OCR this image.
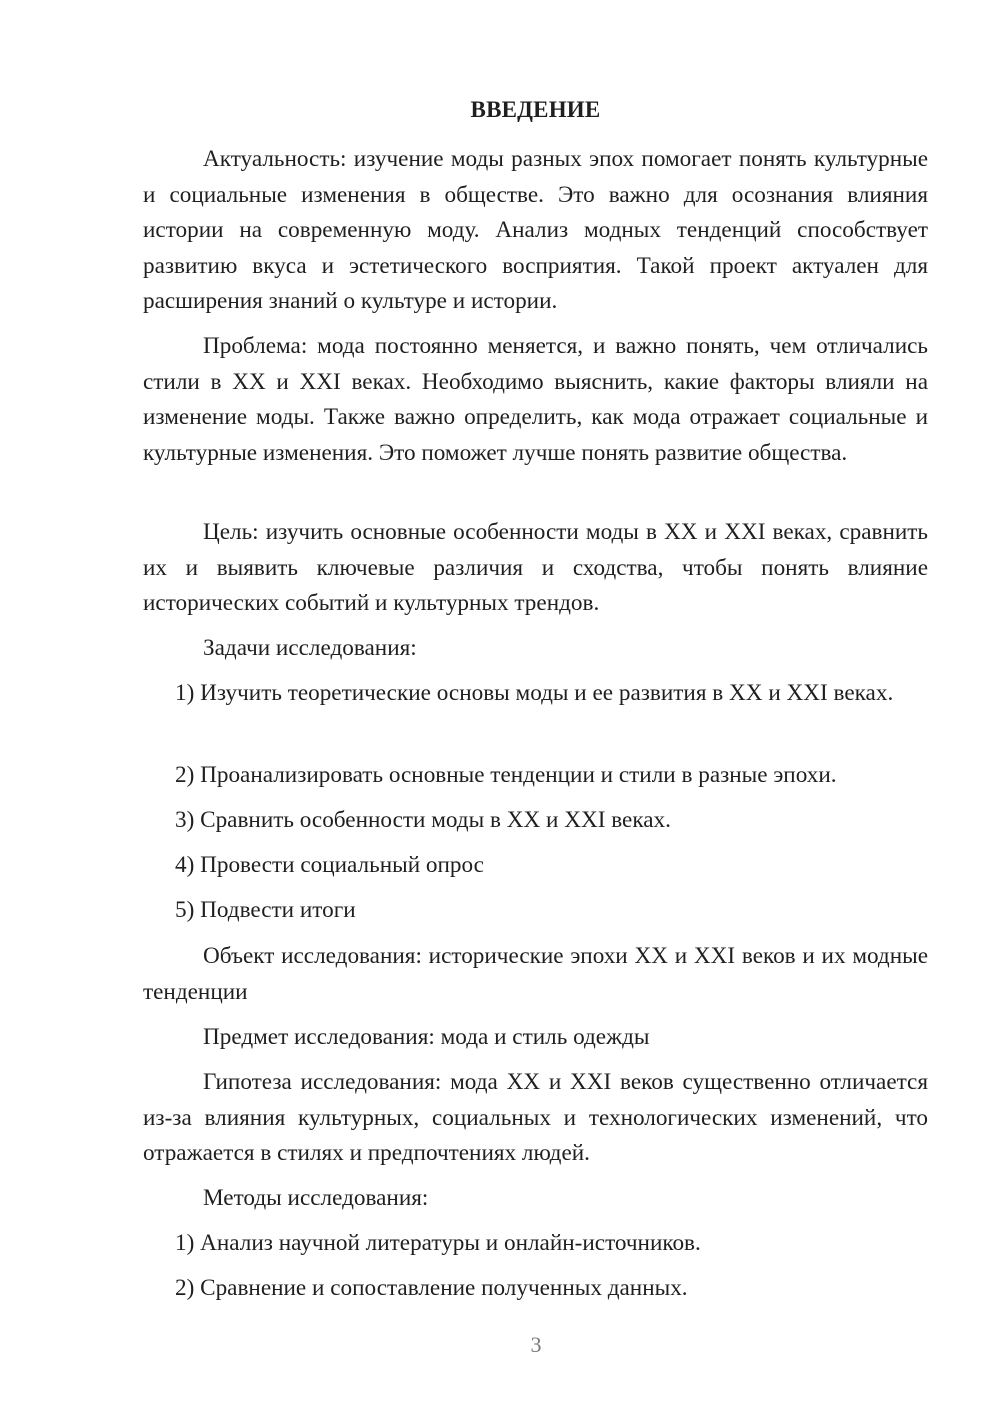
ВВЕДЕНИЕ

Актуальность: изучение моды разных эпох помогает понять культурные и социальные изменения в обществе. Это важно для осознания влияния истории на современную моду. Анализ модных тенденций способствует развитию вкуса и эстетического восприятия. Такой проект актуален для расширения знаний о культуре и истории.

Проблема: мода постоянно меняется, и важно понять, чем отличались стили в XX и XXI веках. Необходимо выяснить, какие факторы влияли на изменение моды. Также важно определить, как мода отражает социальные и культурные изменения. Это поможет лучше понять развитие общества.

Цель: изучить основные особенности моды в XX и XXI веках, сравнить их и выявить ключевые различия и сходства, чтобы понять влияние исторических событий и культурных трендов.

Задачи исследования:

1) Изучить теоретические основы моды и ее развития в XX и XXI веках.

2) Проанализировать основные тенденции и стили в разные эпохи.

3) Сравнить особенности моды в XX и XXI веках.

4) Провести социальный опрос

5) Подвести итоги

Объект исследования: исторические эпохи XX и XXI веков и их модные тенденции

Предмет исследования: мода и стиль одежды

Гипотеза исследования: мода XX и XXI веков существенно отличается из-за влияния культурных, социальных и технологических изменений, что отражается в стилях и предпочтениях людей.

Методы исследования:

1) Анализ научной литературы и онлайн-источников.

2) Сравнение и сопоставление полученных данных.

3
